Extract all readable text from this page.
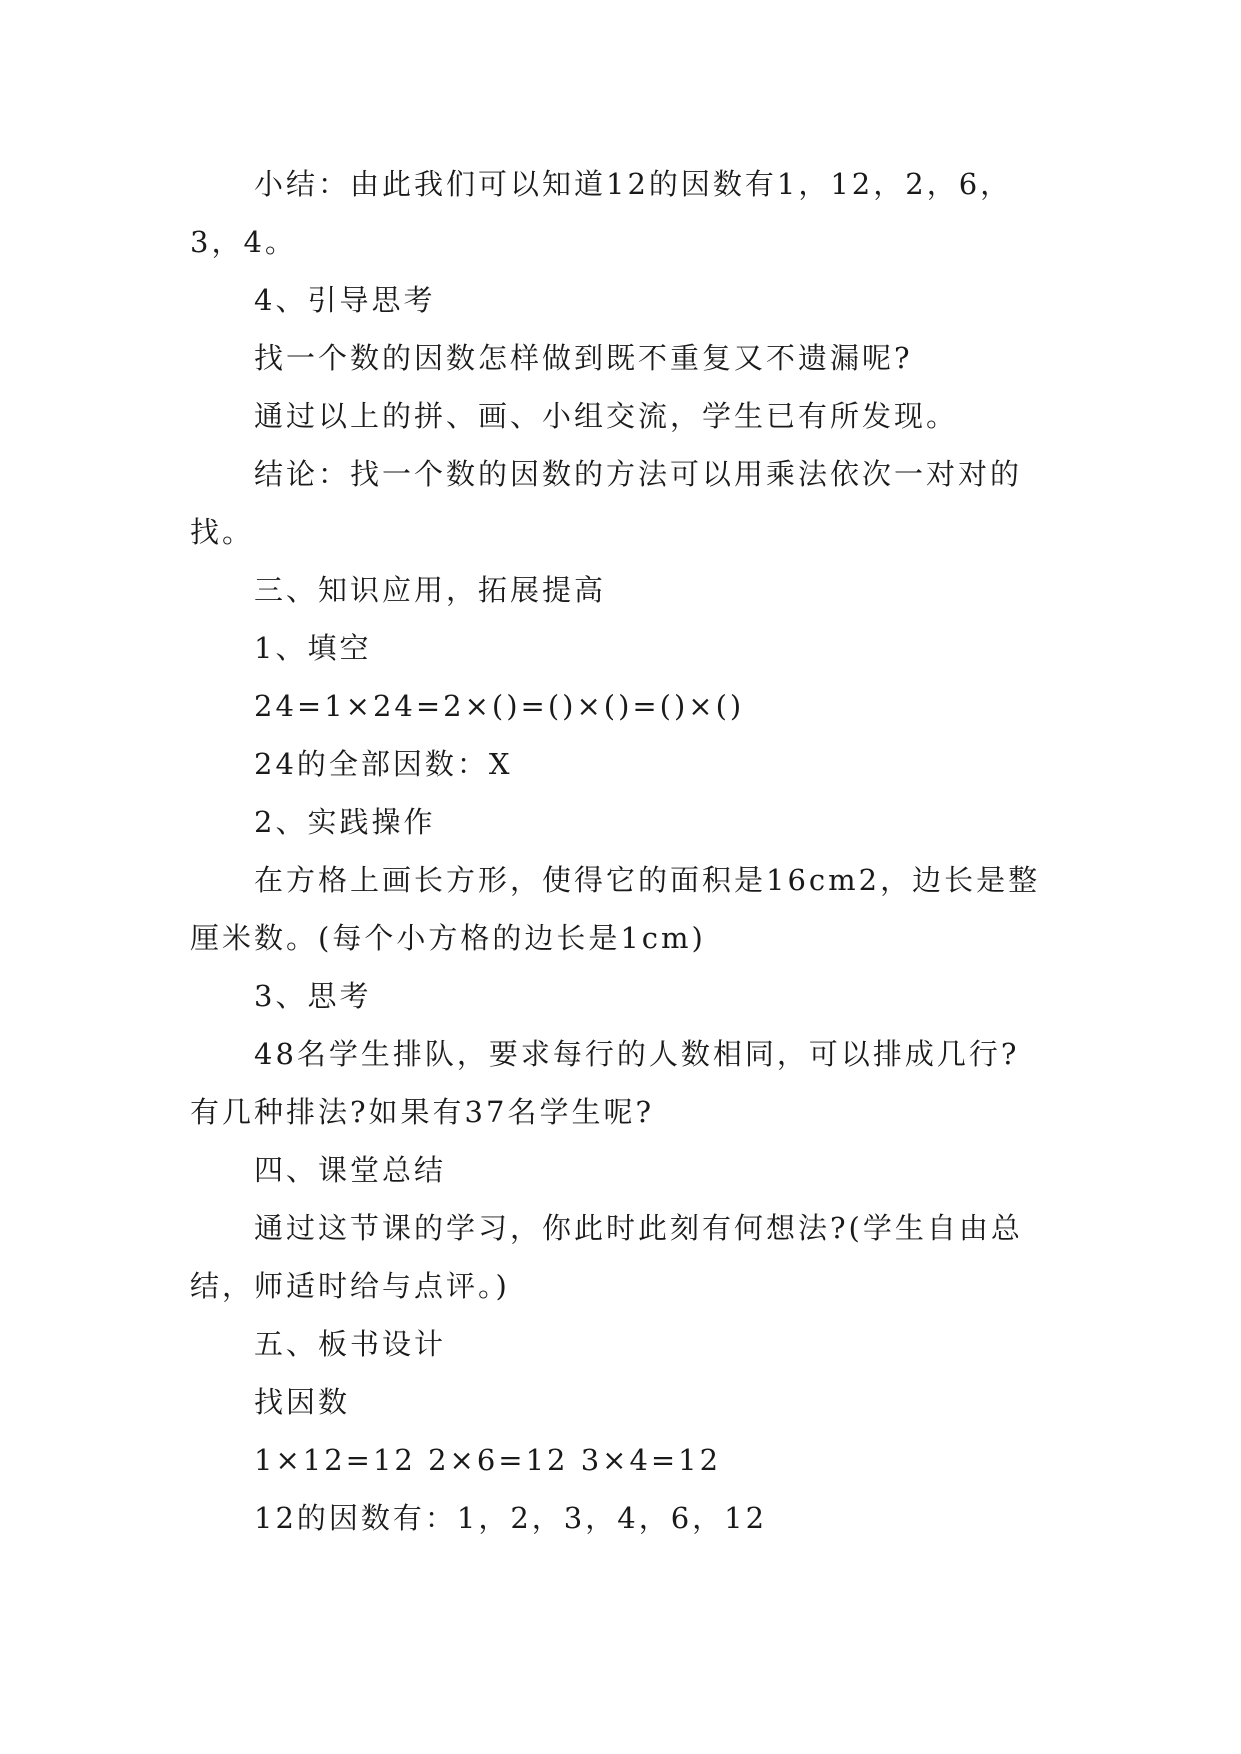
小结：由此我们可以知道12的因数有1，12，2，6，3，4。

4、引导思考

找一个数的因数怎样做到既不重复又不遗漏呢?

通过以上的拼、画、小组交流，学生已有所发现。

结论：找一个数的因数的方法可以用乘法依次一对对的找。

三、知识应用，拓展提高

1、填空

24=1×24=2×()=()×()=()×()

24的全部因数：X

2、实践操作

在方格上画长方形，使得它的面积是16cm2，边长是整厘米数。(每个小方格的边长是1cm)

3、思考

48名学生排队，要求每行的人数相同，可以排成几行?有几种排法?如果有37名学生呢?

四、课堂总结

通过这节课的学习，你此时此刻有何想法?(学生自由总结，师适时给与点评。)

五、板书设计

找因数

1×12=12 2×6=12 3×4=12

12的因数有：1，2，3，4，6，12
